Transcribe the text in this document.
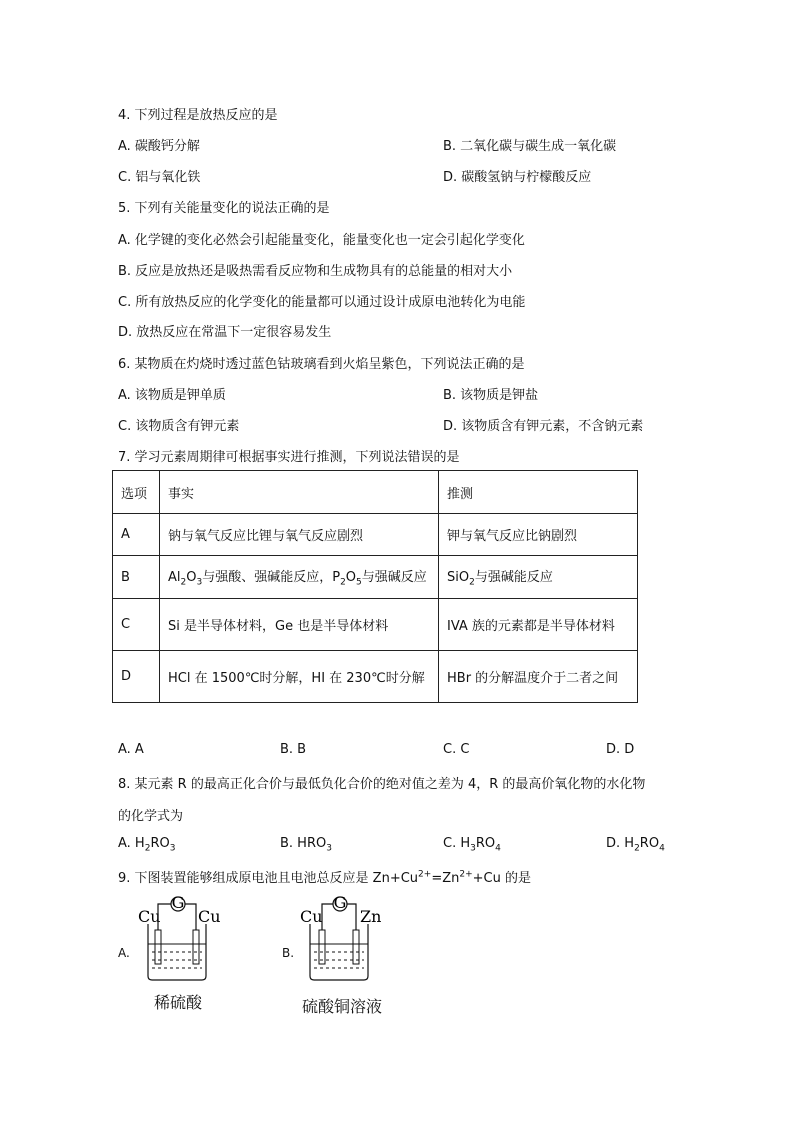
4. 下列过程是放热反应的是
A. 碳酸钙分解	B. 二氧化碳与碳生成一氧化碳
C. 铝与氧化铁	D. 碳酸氢钠与柠檬酸反应
5. 下列有关能量变化的说法正确的是
A. 化学键的变化必然会引起能量变化，能量变化也一定会引起化学变化
B. 反应是放热还是吸热需看反应物和生成物具有的总能量的相对大小
C. 所有放热反应的化学变化的能量都可以通过设计成原电池转化为电能
D. 放热反应在常温下一定很容易发生
6. 某物质在灼烧时透过蓝色钴玻璃看到火焰呈紫色，下列说法正确的是
A. 该物质是钾单质	B. 该物质是钾盐
C. 该物质含有钾元素	D. 该物质含有钾元素，不含钠元素
7. 学习元素周期律可根据事实进行推测，下列说法错误的是
选项	事实	推测
A	钠与氧气反应比锂与氧气反应剧烈	钾与氧气反应比钠剧烈
B	$Al_2O_3$与强酸、强碱能反应，$P_2O_5$与强碱反应	SiO$_2$与强碱能反应
C	Si 是半导体材料，Ge 也是半导体材料	IVA 族的元素都是半导体材料
D	HCl 在 1500℃时分解，HI 在 230℃时分解	HBr 的分解温度介于二者之间
A. A	B. B	C. C	D. D
8. 某元素 R 的最高正化合价与最低负化合价的绝对值之差为 4，R 的最高价氧化物的水化物
的化学式为
A. $H_2RO_3$	B. $HRO_3$	C. $H_3RO_4$	D. $H_2RO_4$
9. 下图装置能够组成原电池且电池总反应是 $Zn+Cu^{2+}=Zn^{2+}+Cu$ 的是
A.
Cu Cu
G
稀硫酸
B.
Cu Zn
G
硫酸铜溶液
